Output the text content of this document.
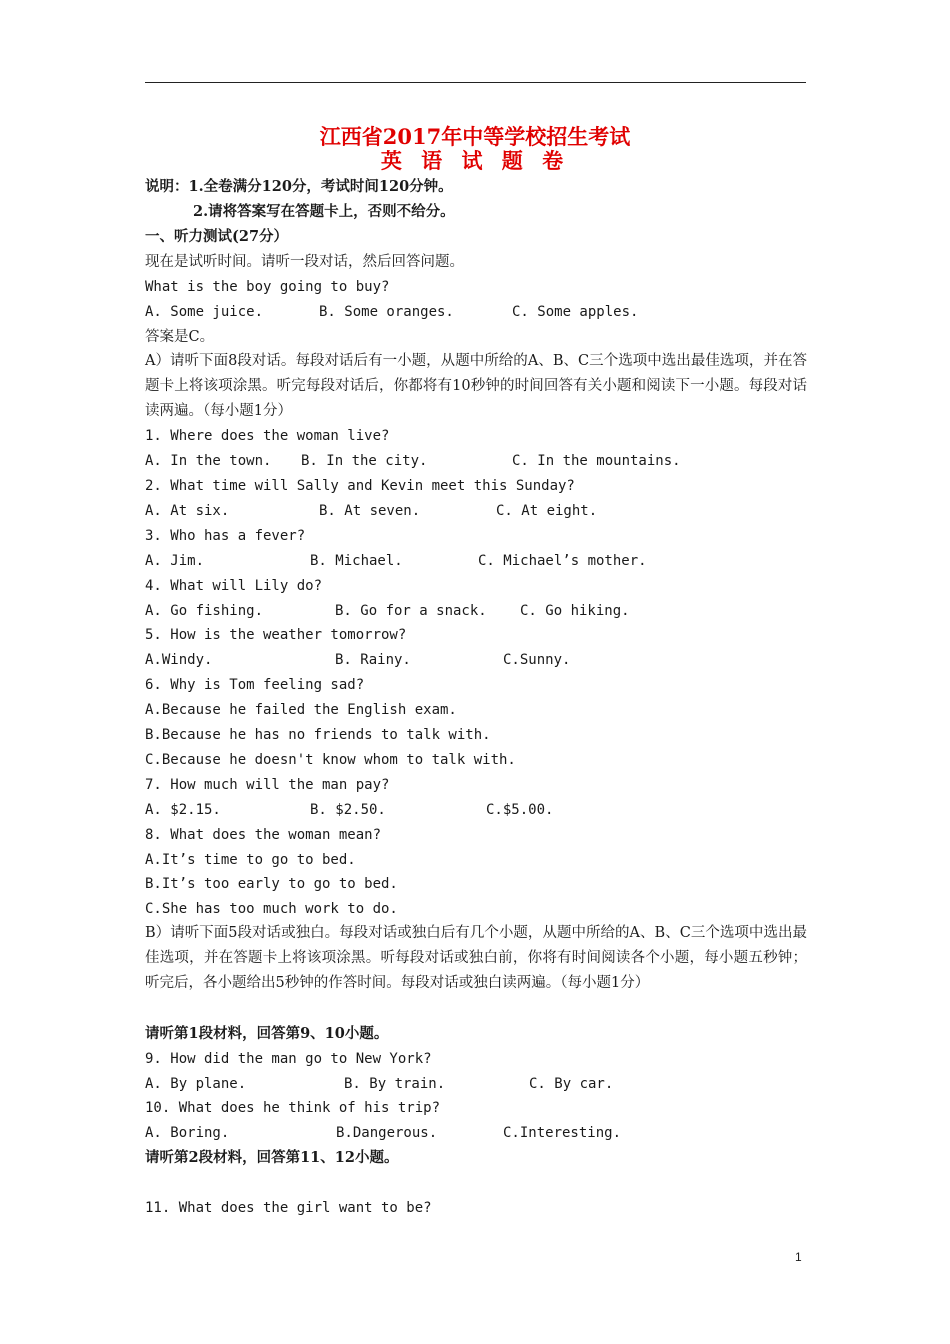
江西省2017年中等学校招生考试
英 语 试 题 卷
说明：1.全卷满分120分，考试时间120分钟。
2.请将答案写在答题卡上，否则不给分。
一、听力测试(27分）
现在是试听时间。请听一段对话，然后回答问题。
What is the boy going to buy?
A. Some juice.	B. Some oranges.	C. Some apples.
答案是C。
A）请听下面8段对话。每段对话后有一小题，从题中所给的A、B、C三个选项中选出最佳选项，并在答题卡上将该项涂黑。听完每段对话后，你都将有10秒钟的时间回答有关小题和阅读下一小题。每段对话读两遍。（每小题1分）
1. Where does the woman live?
A. In the town. B. In the city.	C. In the mountains.
2. What time will Sally and Kevin meet this Sunday?
A. At six.	B. At seven.	C. At eight.
3. Who has a fever?
A. Jim.	B. Michael.	C. Michael’s mother.
4. What will Lily do?
A. Go fishing.	B. Go for a snack. C. Go hiking.
5. How is the weather tomorrow?
A.Windy.	B. Rainy.	C.Sunny.
6. Why is Tom feeling sad?
A.Because he failed the English exam.
B.Because he has no friends to talk with.
C.Because he doesn't know whom to talk with.
7. How much will the man pay?
A. $2.15.	B. $2.50.	C.$5.00.
8. What does the woman mean?
A.It’s time to go to bed.
B.It’s too early to go to bed.
C.She has too much work to do.
B）请听下面5段对话或独白。每段对话或独白后有几个小题，从题中所给的A、B、C三个选项中选出最佳选项，并在答题卡上将该项涂黑。听每段对话或独白前，你将有时间阅读各个小题，每小题五秒钟；听完后，各小题给出5秒钟的作答时间。每段对话或独白读两遍。（每小题1分）
请听第1段材料，回答第9、10小题。
9. How did the man go to New York?
A. By plane.	B. By train.	C. By car.
10. What does he think of his trip?
A. Boring.	B.Dangerous.	C.Interesting.
请听第2段材料，回答第11、12小题。
11. What does the girl want to be?
1
